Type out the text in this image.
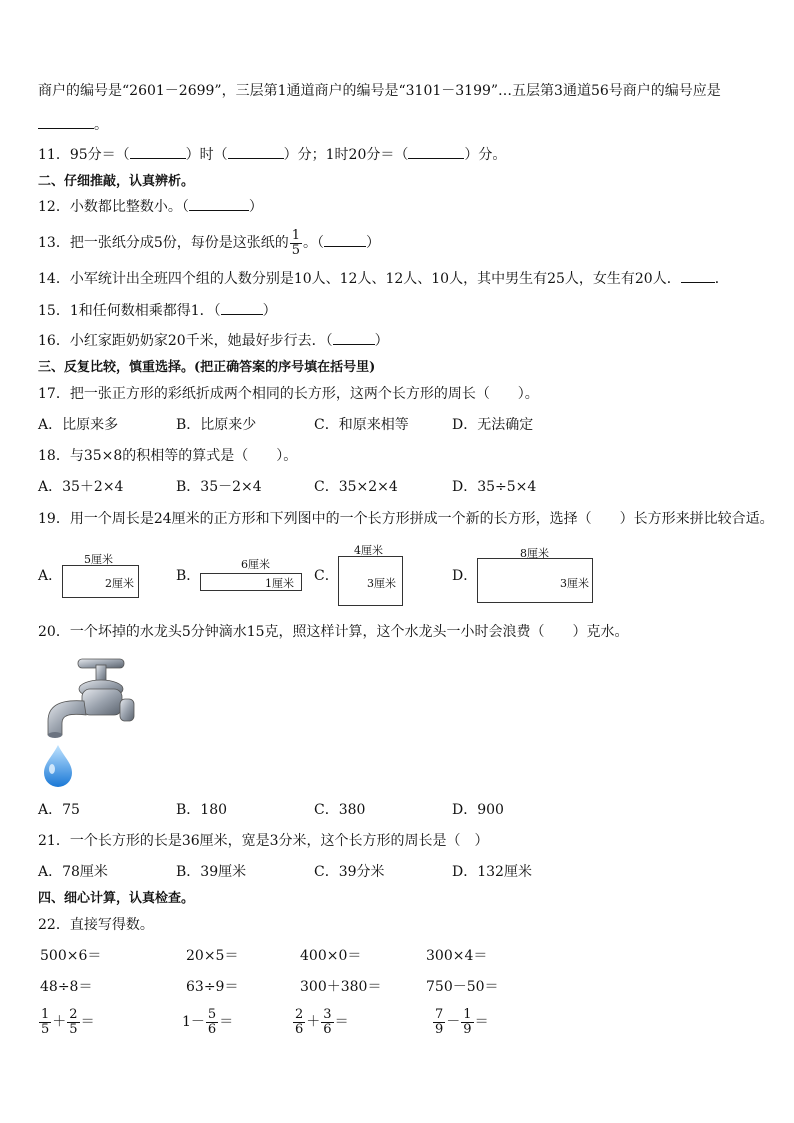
商户的编号是“2601－2699”，三层第1通道商户的编号是“3101－3199”…五层第3通道56号商户的编号应是
。
11．95分＝（	）时（	）分；1时20分＝（	）分。
二、仔细推敲，认真辨析。
12．小数都比整数小。（	）
13．把一张纸分成5份，每份是这张纸的 $\frac{1}{5}$ 。（	）
14．小军统计出全班四个组的人数分别是10人、12人、12人、10人，其中男生有25人，女生有20人． ．
15．1和任何数相乘都得1．（	）
16．小红家距奶奶家20千米，她最好步行去．（	）
三、反复比较，慎重选择。(把正确答案的序号填在括号里)
17．把一张正方形的彩纸折成两个相同的长方形，这两个长方形的周长（　　）。
A．比原来多	B．比原来少	C．和原来相等	D．无法确定
18．与35×8的积相等的算式是（　　）。
A．35＋2×4	B．35－2×4	C．35×2×4	D．35÷5×4
19．用一个周长是24厘米的正方形和下列图中的一个长方形拼成一个新的长方形，选择（　　）长方形来拼比较合适。
A．
5厘米
2厘米	B．
6厘米
1厘米 C．
4厘米
3厘米	D．
8厘米
3厘米
20．一个坏掉的水龙头5分钟滴水15克，照这样计算，这个水龙头一小时会浪费（　　）克水。
A．75	B．180	C．380	D．900
21．一个长方形的长是36厘米，宽是3分米，这个长方形的周长是（　）
A．78厘米	B．39厘米	C．39分米	D．132厘米
四、细心计算，认真检查。
22．直接写得数。
500×6＝	20×5＝	400×0＝	300×4＝
48÷8＝	63÷9＝	300＋380＝	750－50＝
$\frac{1}{5} + \frac{2}{5}$ ＝	$1- \frac{5}{6}$ ＝	$\frac{2}{6} + \frac{3}{6}$ ＝	$\frac{7}{9} - \frac{1}{9}$ ＝
